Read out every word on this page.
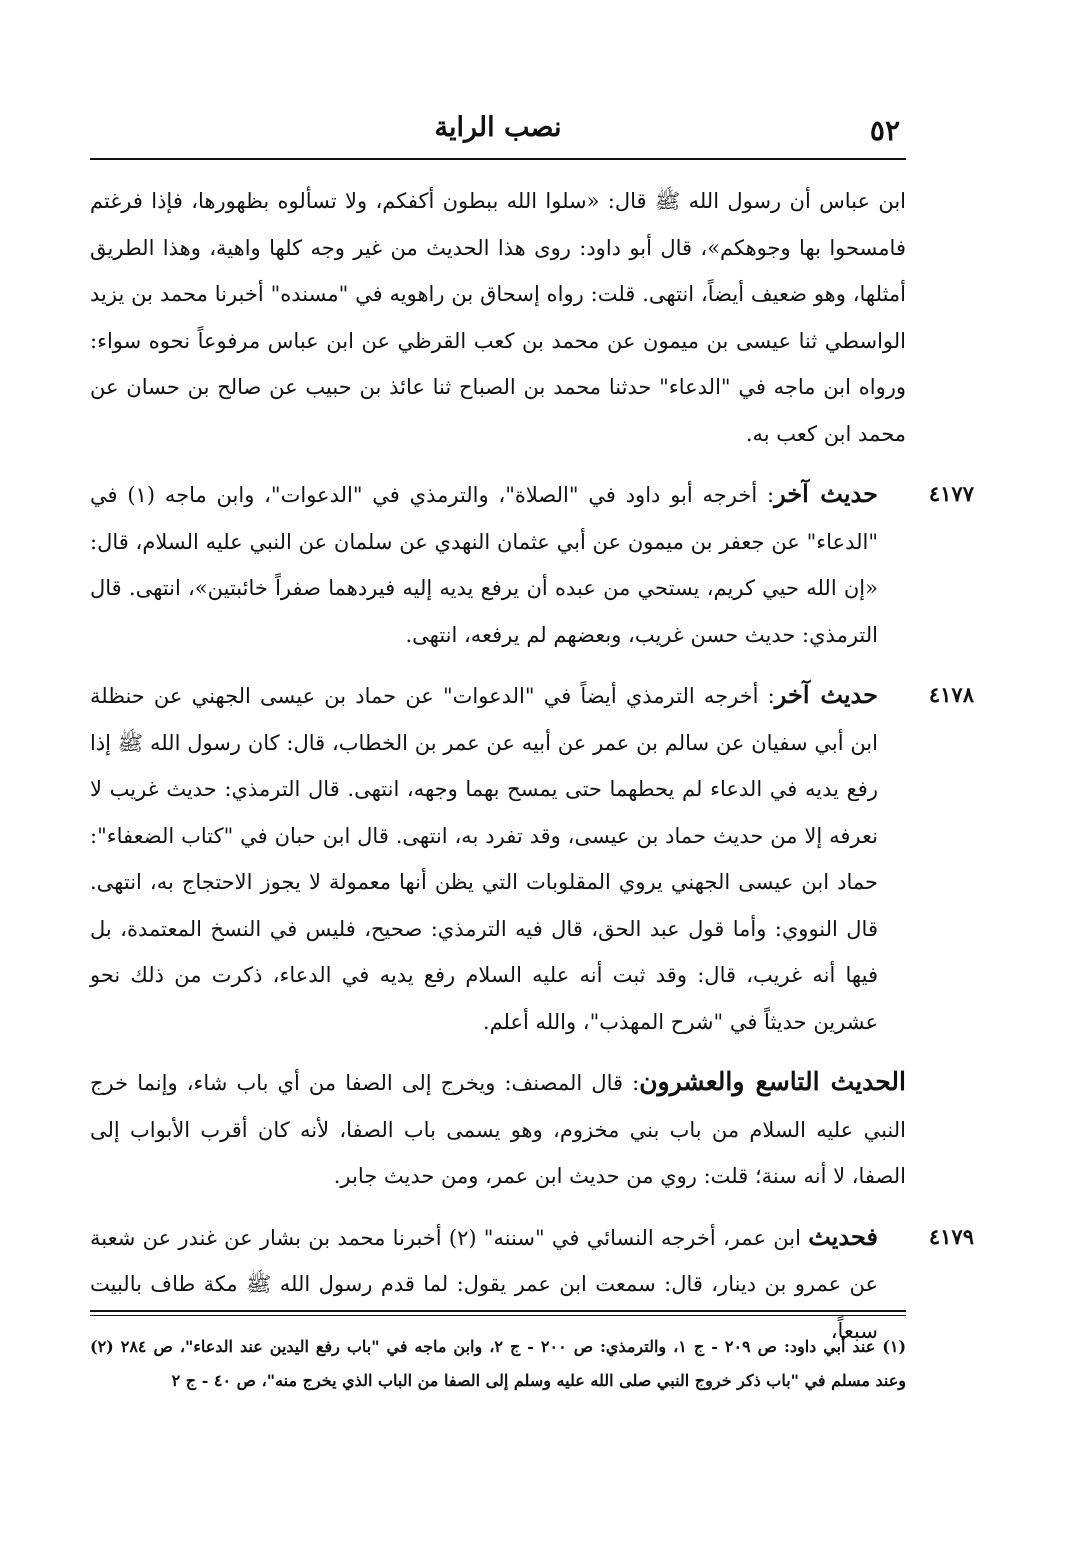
٥٢
نصب الراية

ابن عباس أن رسول الله ﷺ قال: «سلوا الله ببطون أكفكم، ولا تسألوه بظهورها، فإذا فرغتم فامسحوا بها وجوهكم»، قال أبو داود: روى هذا الحديث من غير وجه كلها واهية، وهذا الطريق أمثلها، وهو ضعيف أيضاً، انتهى. قلت: رواه إسحاق بن راهويه في "مسنده" أخبرنا محمد بن يزيد الواسطي ثنا عيسى بن ميمون عن محمد بن كعب القرظي عن ابن عباس مرفوعاً نحوه سواء: ورواه ابن ماجه في "الدعاء" حدثنا محمد بن الصباح ثنا عائذ بن حبيب عن صالح بن حسان عن محمد ابن كعب به.

٤١٧٧
حديث آخر: أخرجه أبو داود في "الصلاة"، والترمذي في "الدعوات"، وابن ماجه (١) في "الدعاء" عن جعفر بن ميمون عن أبي عثمان النهدي عن سلمان عن النبي عليه السلام، قال: «إن الله حيي كريم، يستحي من عبده أن يرفع يديه إليه فيردهما صفراً خائبتين»، انتهى. قال الترمذي: حديث حسن غريب، وبعضهم لم يرفعه، انتهى.

٤١٧٨
حديث آخر: أخرجه الترمذي أيضاً في "الدعوات" عن حماد بن عيسى الجهني عن حنظلة ابن أبي سفيان عن سالم بن عمر عن أبيه عن عمر بن الخطاب، قال: كان رسول الله ﷺ إذا رفع يديه في الدعاء لم يحطهما حتى يمسح بهما وجهه، انتهى. قال الترمذي: حديث غريب لا نعرفه إلا من حديث حماد بن عيسى، وقد تفرد به، انتهى. قال ابن حبان في "كتاب الضعفاء": حماد ابن عيسى الجهني يروي المقلوبات التي يظن أنها معمولة لا يجوز الاحتجاج به، انتهى. قال النووي: وأما قول عبد الحق، قال فيه الترمذي: صحيح، فليس في النسخ المعتمدة، بل فيها أنه غريب، قال: وقد ثبت أنه عليه السلام رفع يديه في الدعاء، ذكرت من ذلك نحو عشرين حديثاً في "شرح المهذب"، والله أعلم.

الحديث التاسع والعشرون: قال المصنف: ويخرج إلى الصفا من أي باب شاء، وإنما خرج النبي عليه السلام من باب بني مخزوم، وهو يسمى باب الصفا، لأنه كان أقرب الأبواب إلى الصفا، لا أنه سنة؛ قلت: روي من حديث ابن عمر، ومن حديث جابر.

٤١٧٩
فحديث ابن عمر، أخرجه النسائي في "سننه" (٢) أخبرنا محمد بن بشار عن غندر عن شعبة عن عمرو بن دينار، قال: سمعت ابن عمر يقول: لما قدم رسول الله ﷺ مكة طاف بالبيت سبعاً،

(١) عند أبي داود: ص ٢٠٩ - ج ١، والترمذي: ص ٢٠٠ - ج ٢، وابن ماجه في "باب رفع اليدين عند الدعاء"، ص ٢٨٤ (٢) وعند مسلم في "باب ذكر خروج النبي صلى الله عليه وسلم إلى الصفا من الباب الذي يخرج منه"، ص ٤٠ - ج ٢
